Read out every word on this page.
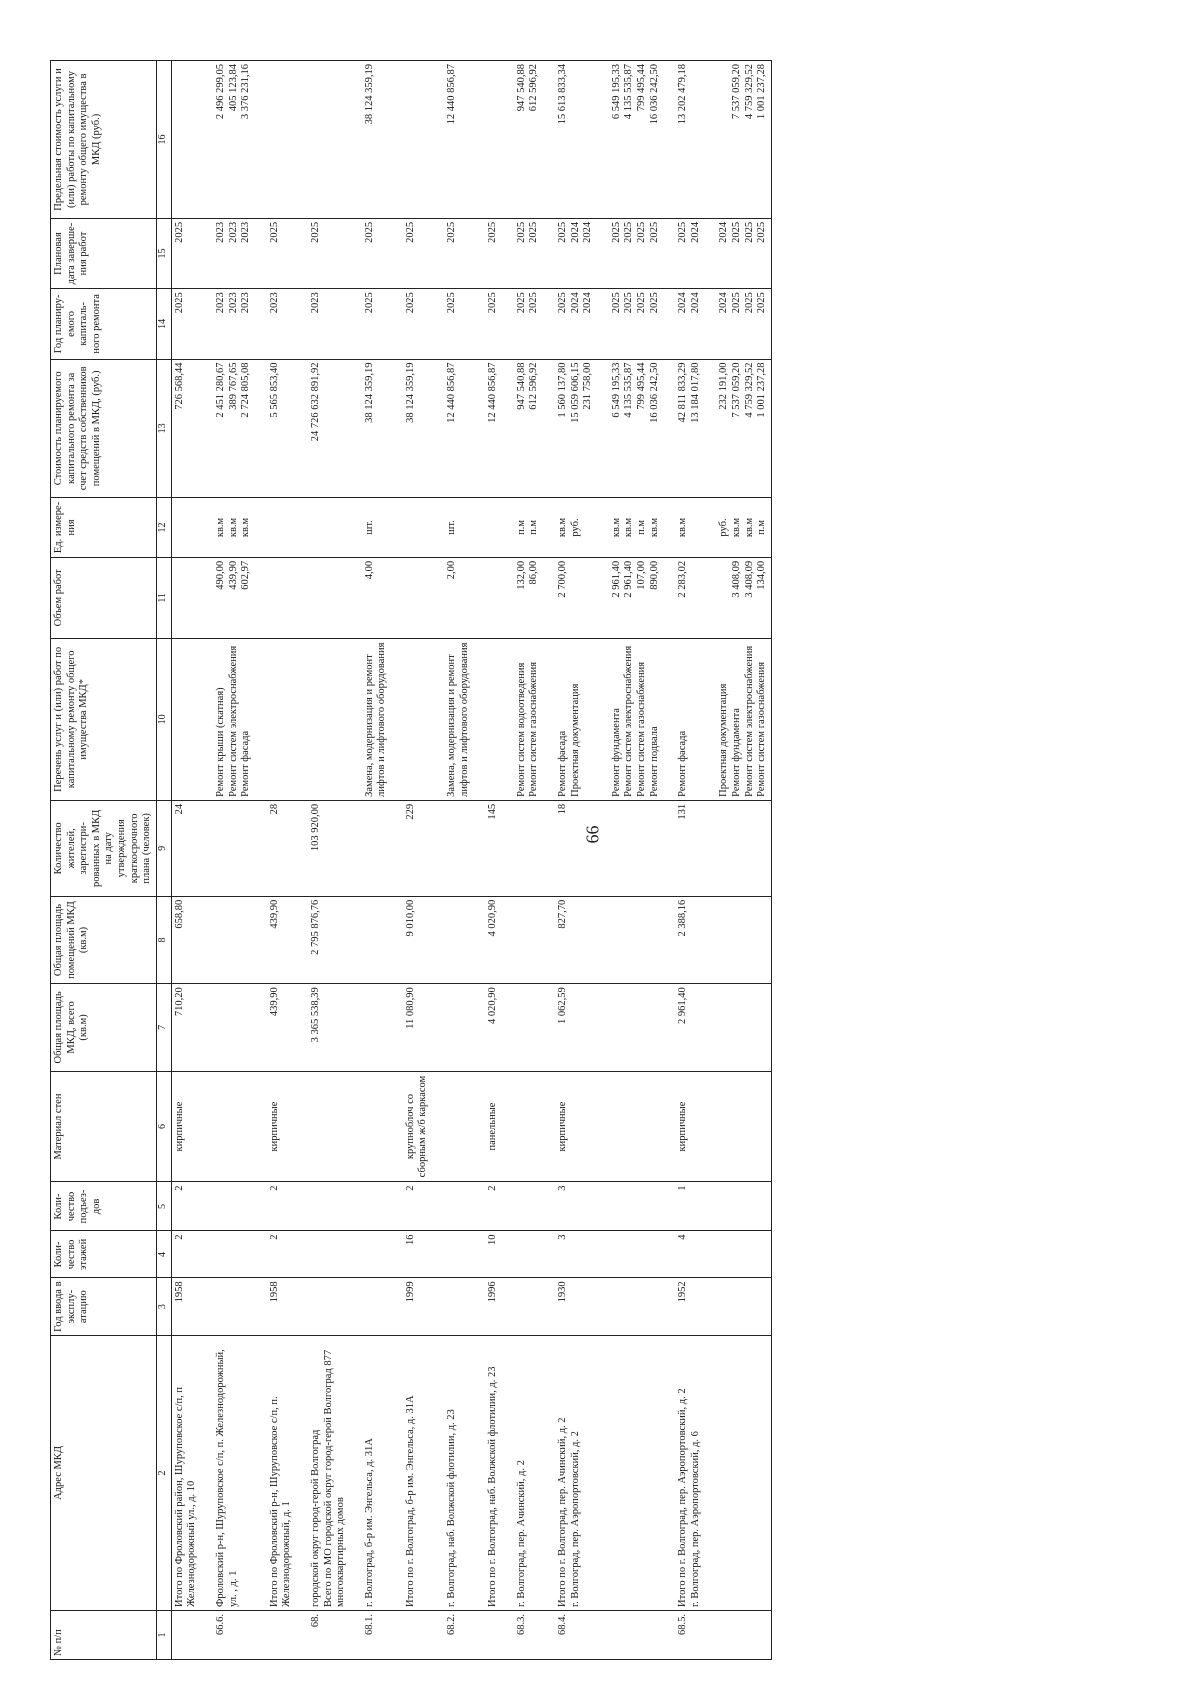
66
№ п/п	Адрес МКД	Год ввода в эксплу-атацию	Коли-чество этажей	Коли-чество подъез-дов	Материал стен	Общая площадь МКД, всего (кв.м)	Общая площадь помещений МКД (кв.м)	Количество жителей, зарегистри-рованных в МКД на дату утверждения краткосрочного плана (человек)	Перечень услуг и (или) работ по капитальному ремонту общего имущества МКД*	Объем работ	Ед. измере-ния	Стоимость планируемого капитального ремонта за счет средств собственников помещений в МКД, (руб.)	Год планиру-емого капиталь-ного ремонта	Плановая дата заверше-ния работ	Предельная стоимость услуги и (или) работы по капитальному ремонту общего имущества в МКД (руб.)
1	2	3	4	5	6	7	8	9	10	11	12	13	14	15	16
	Итого по Фроловский район, Шуруповское с/п, п Железнодорожный ул., д. 10	1958	2	2	кирпичные	710,20	658,80	24				726 568,44	2025	2025	
66.6.	Фроловский р-н, Шуруповское с/п, п. Железнодорожный, ул. , д. 1								Ремонт крыши (скатная) Ремонт систем электроснабжения Ремонт фасада	490,00 439,90 602,97	кв.м кв.м кв.м	2 451 280,67 389 767,65 2 724 805,08	2023 2023 2023	2023 2023 2023	2 496 299,05 405 123,84 3 376 231,16
	Итого по Фроловский р-н, Шуруповское с/п, п. Железнодорожный, д. 1	1958	2	2	кирпичные	439,90	439,90	28				5 565 853,40	2023	2025	
68.	городской округ город-герой Волгоград Всего по МО городской округ город-герой Волгоград 877 многоквартирных домов					3 365 538,39	2 795 876,76	103 920,00				24 726 632 891,92	2023	2025	
68.1.	г. Волгоград, б-р им. Энгельса, д. 31А								Замена, модернизация и ремонт лифтов и лифтового оборудования	4,00	шт.	38 124 359,19	2025	2025	38 124 359,19
	Итого по г. Волгоград, б-р им. Энгельса, д. 31А	1999	16	2	крупноблоч со сборным ж/б каркасом	11 080,90	9 010,00	229				38 124 359,19	2025	2025	
68.2.	г. Волгоград, наб. Волжской флотилии, д. 23								Замена, модернизация и ремонт лифтов и лифтового оборудования	2,00	шт.	12 440 856,87	2025	2025	12 440 856,87
	Итого по г. Волгоград, наб. Волжской флотилии, д. 23	1996	10	2	панельные	4 020,90	4 020,90	145				12 440 856,87	2025	2025	
68.3.	г. Волгоград, пер. Ачинский, д. 2								Ремонт систем водоотведения Ремонт систем газоснабжения	132,00 86,00	п.м п.м	947 540,88 612 596,92	2025 2025	2025 2025	947 540,88 612 596,92
68.4.	Итого по г. Волгоград, пер. Ачинский, д. 2 г. Волгоград, пер. Аэропортовский, д. 2	1930	3	3	кирпичные	1 062,59	827,70	18	Ремонт фасада Проектная документация	2 700,00	кв.м руб.	1 560 137,80 15 059 606,15 231 758,00	2025 2024 2024	2025 2024 2024	15 613 833,34
									Ремонт фундамента Ремонт систем электроснабжения Ремонт систем газоснабжения Ремонт подвала	2 961,40 2 961,40 107,00 890,00	кв.м кв.м п.м кв.м	6 549 195,33 4 135 535,87 799 495,44 16 036 242,50	2025 2025 2025 2025	2025 2025 2025 2025	6 549 195,33 4 135 535,87 799 495,44 16 036 242,50
68.5.	Итого по г. Волгоград, пер. Аэропортовский, д. 2 г. Волгоград, пер. Аэропортовский, д. 6	1952	4	1	кирпичные	2 961,40	2 388,16	131	Ремонт фасада	2 283,02	кв.м	42 811 833,29 13 184 017,80	2024 2024	2025 2024	13 202 479,18
									Проектная документация Ремонт фундамента Ремонт систем электроснабжения Ремонт систем газоснабжения	3 408,09 3 408,09 134,00	руб. кв.м кв.м п.м	232 191,00 7 537 059,20 4 759 329,52 1 001 237,28	2024 2025 2025 2025	2024 2025 2025 2025	7 537 059,20 4 759 329,52 1 001 237,28
